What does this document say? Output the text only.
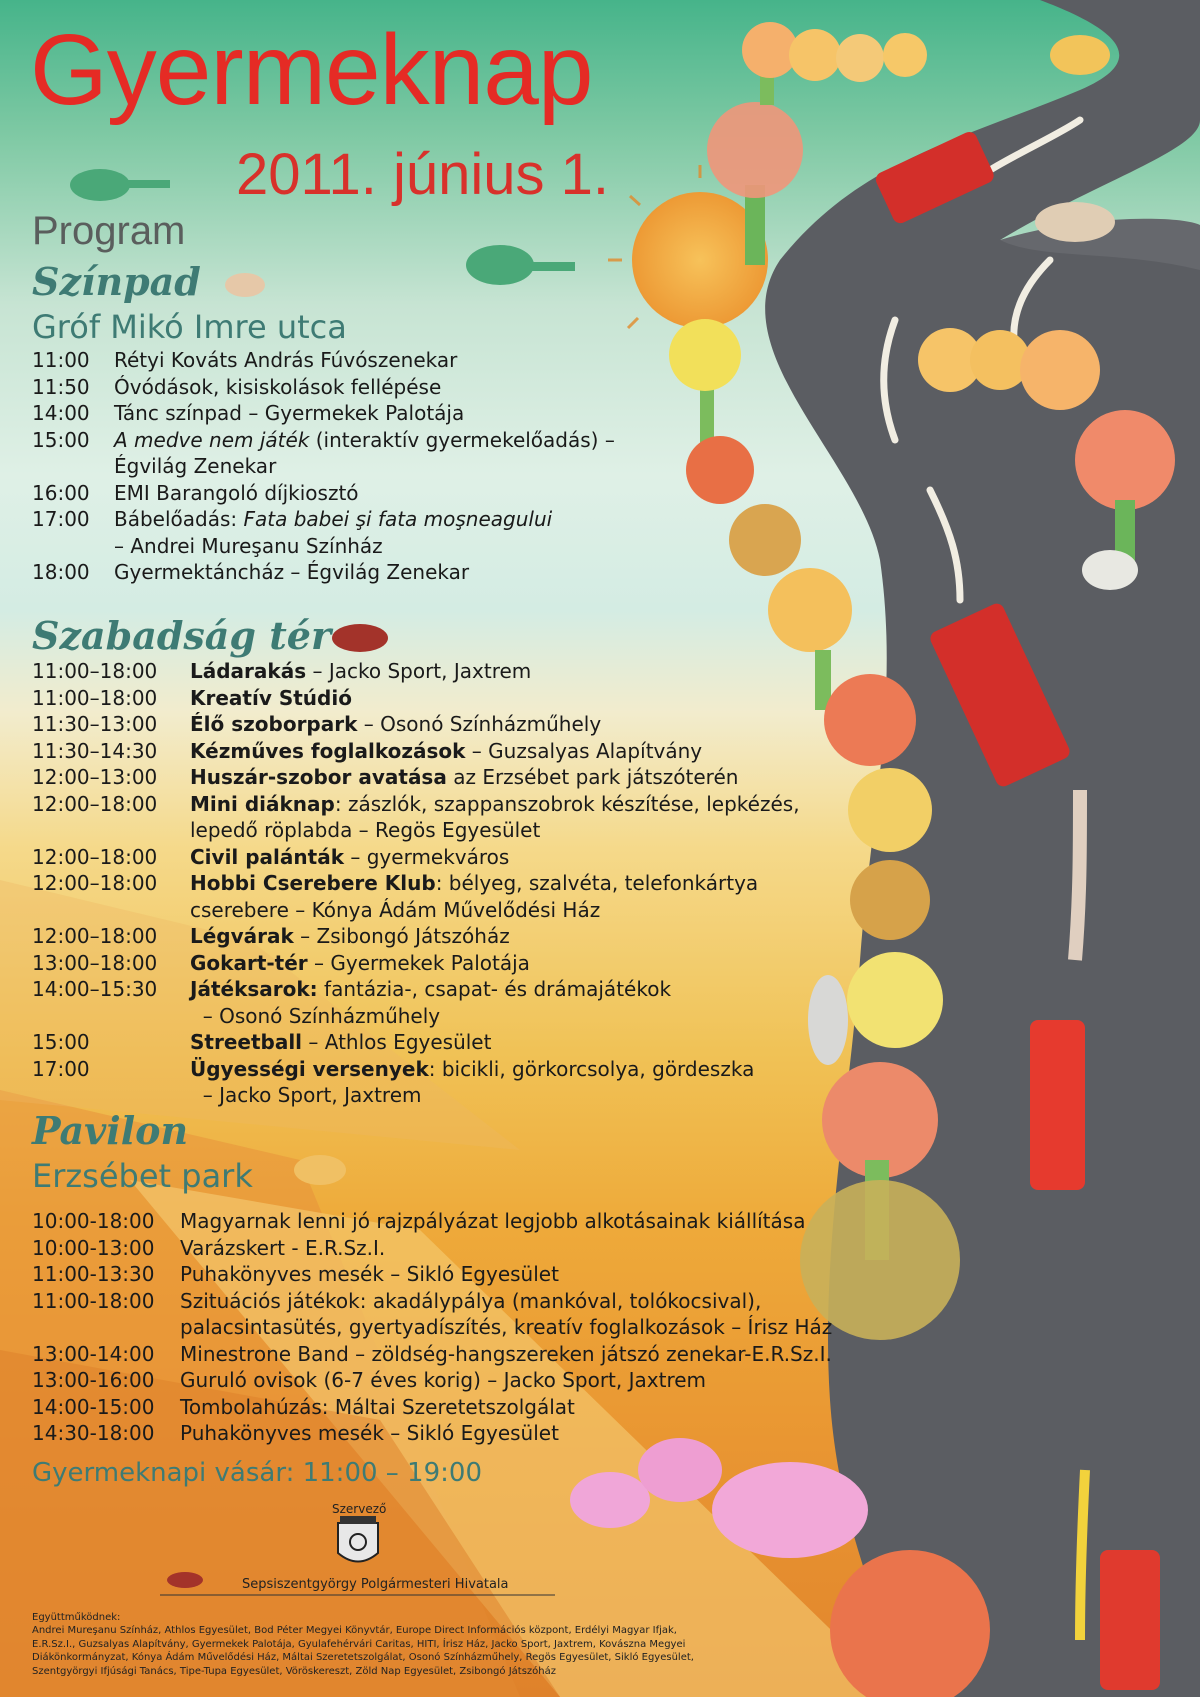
Gyermeknap
2011. június 1.
Program
Színpad
Gróf Mikó Imre utca
11:00	Rétyi Kováts András Fúvószenekar
11:50	Óvódások, kisiskolások fellépése
14:00	Tánc színpad – Gyermekek Palotája
15:00	A medve nem játék (interaktív gyermekelőadás) –
Égvilág Zenekar
16:00	EMI Barangoló díjkiosztó
17:00	Bábelőadás: Fata babei şi fata moşneagului
– Andrei Mureşanu Színház
18:00	Gyermektáncház – Égvilág Zenekar
Szabadság tér
11:00–18:00	Ládarakás – Jacko Sport, Jaxtrem
11:00–18:00	Kreatív Stúdió
11:30–13:00	Élő szoborpark – Osonó Színházműhely
11:30–14:30	Kézműves foglalkozások – Guzsalyas Alapítvány
12:00–13:00	Huszár-szobor avatása az Erzsébet park játszóterén
12:00–18:00	Mini diáknap: zászlók, szappanszobrok készítése, lepkézés,
lepedő röplabda – Regös Egyesület
12:00–18:00	Civil palánták – gyermekváros
12:00–18:00	Hobbi Cserebere Klub: bélyeg, szalvéta, telefonkártya
cserebere – Kónya Ádám Művelődési Ház
12:00–18:00	Légvárak – Zsibongó Játszóház
13:00–18:00	Gokart-tér – Gyermekek Palotája
14:00–15:30	Játéksarok: fantázia-, csapat- és drámajátékok
– Osonó Színházműhely
15:00	Streetball – Athlos Egyesület
17:00	Ügyességi versenyek: bicikli, görkorcsolya, gördeszka
– Jacko Sport, Jaxtrem
Pavilon
Erzsébet park
10:00-18:00	Magyarnak lenni jó rajzpályázat legjobb alkotásainak kiállítása
10:00-13:00	Varázskert - E.R.Sz.I.
11:00-13:30	Puhakönyves mesék – Sikló Egyesület
11:00-18:00	Szituációs játékok: akadálypálya (mankóval, tolókocsival),
palacsintasütés, gyertyadíszítés, kreatív foglalkozások – Írisz Ház
13:00-14:00	Minestrone Band – zöldség-hangszereken játszó zenekar-E.R.Sz.I.
13:00-16:00	Guruló ovisok (6-7 éves korig) – Jacko Sport, Jaxtrem
14:00-15:00	Tombolahúzás: Máltai Szeretetszolgálat
14:30-18:00	Puhakönyves mesék – Sikló Egyesület
Gyermeknapi vásár: 11:00 – 19:00
Szervező
Sepsiszentgyörgy Polgármesteri Hivatala
Együttműködnek:
Andrei Mureşanu Színház, Athlos Egyesület, Bod Péter Megyei Könyvtár, Europe Direct Információs központ, Erdélyi Magyar Ifjak, E.R.Sz.I., Guzsalyas Alapítvány, Gyermekek Palotája, Gyulafehérvári Caritas, HITI, Írisz Ház, Jacko Sport, Jaxtrem, Kovászna Megyei Diákönkormányzat, Kónya Ádám Művelődési Ház, Máltai Szeretetszolgálat, Osonó Színházműhely, Regös Egyesület, Sikló Egyesület, Szentgyörgyi Ifjúsági Tanács, Tipe-Tupa Egyesület, Vöröskereszt, Zöld Nap Egyesület, Zsibongó Játszóház
